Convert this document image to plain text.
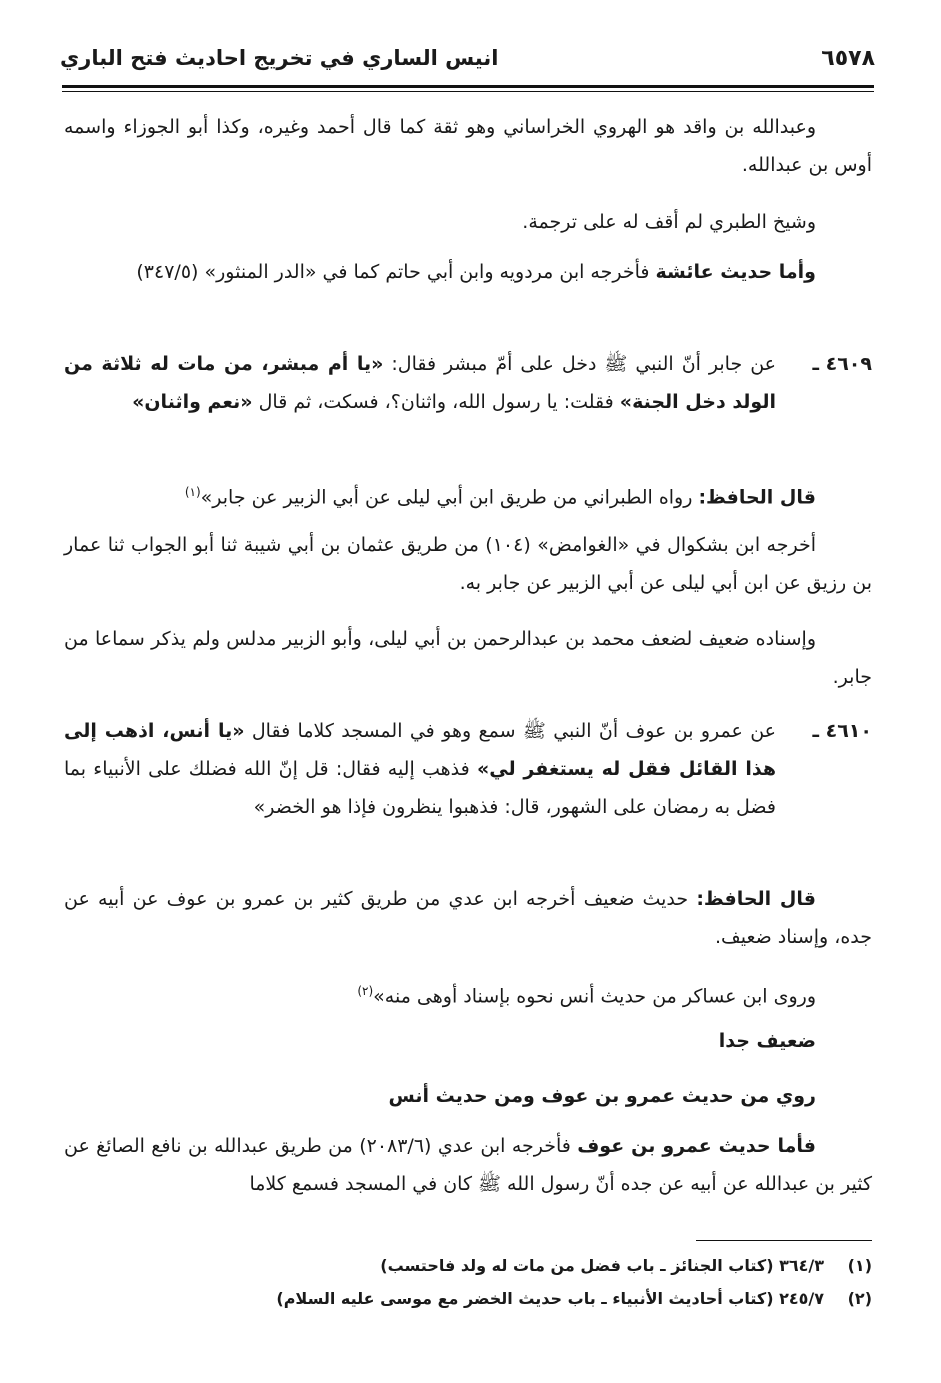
٦٥٧٨
انيس الساري في تخريج احاديث فتح الباري
وعبدالله بن واقد هو الهروي الخراساني وهو ثقة كما قال أحمد وغيره، وكذا أبو الجوزاء واسمه أوس بن عبدالله.
وشيخ الطبري لم أقف له على ترجمة.
وأما حديث عائشة فأخرجه ابن مردويه وابن أبي حاتم كما في «الدر المنثور» (٣٤٧/٥)
٤٦٠٩ ـ
عن جابر أنّ النبي ﷺ دخل على أمّ مبشر فقال: «يا أم مبشر، من مات له ثلاثة من الولد دخل الجنة» فقلت: يا رسول الله، واثنان؟، فسكت، ثم قال «نعم واثنان»
قال الحافظ: رواه الطبراني من طريق ابن أبي ليلى عن أبي الزبير عن جابر»$^{(١)}$
أخرجه ابن بشكوال في «الغوامض» (١٠٤) من طريق عثمان بن أبي شيبة ثنا أبو الجواب ثنا عمار بن رزيق عن ابن أبي ليلى عن أبي الزبير عن جابر به.
وإسناده ضعيف لضعف محمد بن عبدالرحمن بن أبي ليلى، وأبو الزبير مدلس ولم يذكر سماعا من جابر.
٤٦١٠ ـ
عن عمرو بن عوف أنّ النبي ﷺ سمع وهو في المسجد كلاما فقال «يا أنس، اذهب إلى هذا القائل فقل له يستغفر لي» فذهب إليه فقال: قل إنّ الله فضلك على الأنبياء بما فضل به رمضان على الشهور، قال: فذهبوا ينظرون فإذا هو الخضر»
قال الحافظ: حديث ضعيف أخرجه ابن عدي من طريق كثير بن عمرو بن عوف عن أبيه عن جده، وإسناد ضعيف.
وروى ابن عساكر من حديث أنس نحوه بإسناد أوهى منه»$^{(٢)}$
ضعيف جدا
روي من حديث عمرو بن عوف ومن حديث أنس
فأما حديث عمرو بن عوف فأخرجه ابن عدي (٢٠٨٣/٦) من طريق عبدالله بن نافع الصائغ عن كثير بن عبدالله عن أبيه عن جده أنّ رسول الله ﷺ كان في المسجد فسمع كلاما
(١)
٣٦٤/٣ (كتاب الجنائز ـ باب فضل من مات له ولد فاحتسب)
(٢)
٢٤٥/٧ (كتاب أحاديث الأنبياء ـ باب حديث الخضر مع موسى عليه السلام)
